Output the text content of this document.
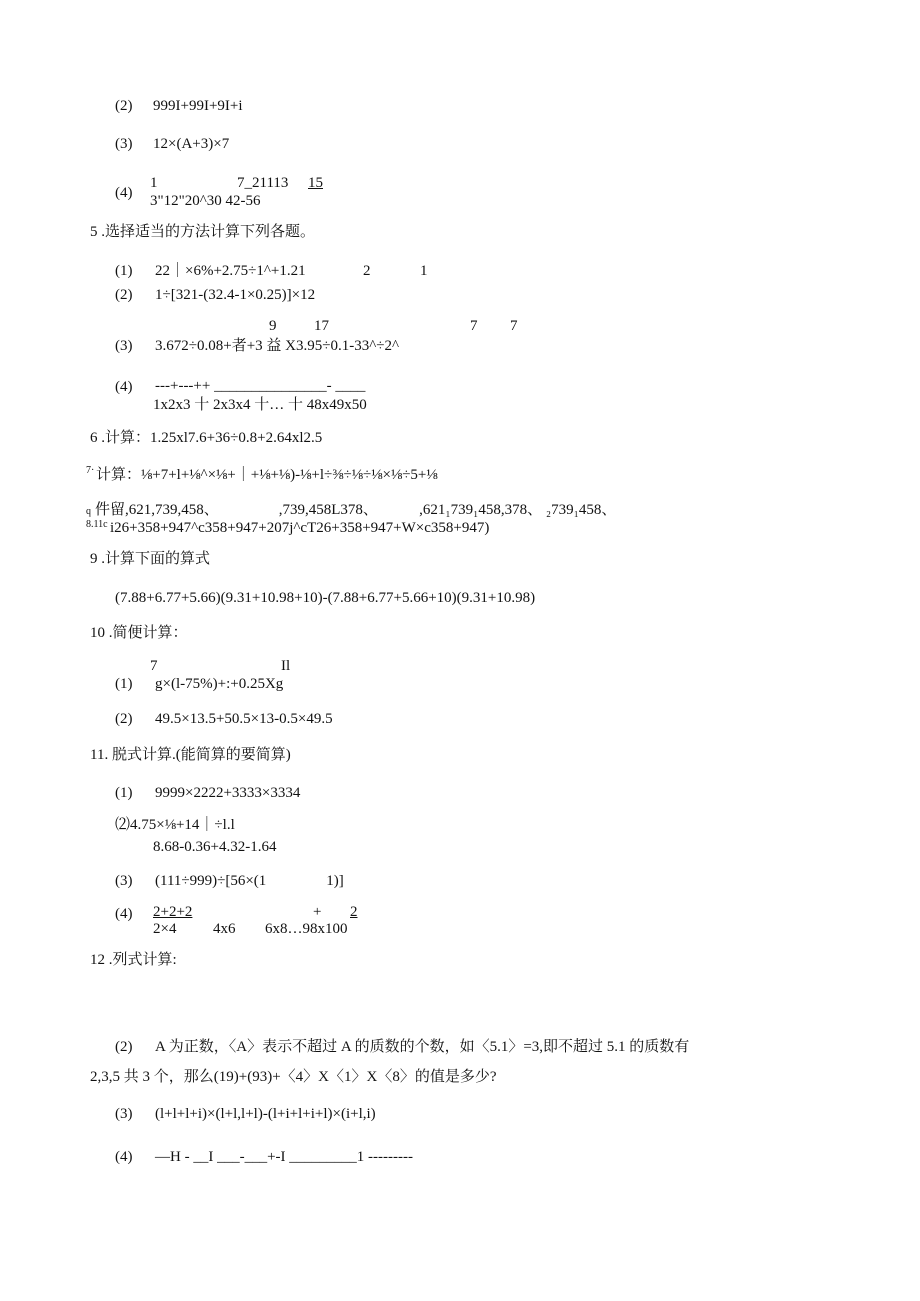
(2) 999I+99I+9I+i
(3) 12×(A+3)×7
(4)
1	7_21113 15
3"12"20^30 42-56
5 .选择适当的方法计算下列各题。
(1) 22｜×6%+2.75÷1^+1.21	2	1
(2) 1÷[321-(32.4-1×0.25)]×12
9	17	7 7
(3) 3.672÷0.08+者+3 益 X3.95÷0.1-33^÷2^
(4) ---+---++ _______________- ____
1x2x3 十 2x3x4 十… 十 48x49x50
6 .计算：1.25xl7.6+36÷0.8+2.64xl2.5
7· 计算：⅛+7+l+⅛^×⅛+｜+⅛+⅛)-⅛+l÷⅜÷⅛÷⅛×⅛÷5+⅛
q 件留,621,739,458、                ,739,458L378、           ,621₁739₁458,378、 ₂739₁458、
8.11c i26+358+947^c358+947+207j^cT26+358+947+W×c358+947)
9 .计算下面的算式
(7.88+6.77+5.66)(9.31+10.98+10)-(7.88+6.77+5.66+10)(9.31+10.98)
10 .简便计算：
7	Il
(1) g×(l-75%)+:+0.25Xg
(2) 49.5×13.5+50.5×13-0.5×49.5
11. 脱式计算.(能简算的要简算)
(1) 9999×2222+3333×3334
⑵4.75×⅛+14｜÷l.l
8.68-0.36+4.32-1.64
(3) (111÷999)÷[56×(1                1)]
(4) 2+2+2	+ 2
2×4 4x6 6x8…98x100
12 .列式计算:
(2) A 为正数，〈A〉表示不超过 A 的质数的个数，如〈5.1〉=3,即不超过 5.1 的质数有
2,3,5 共 3 个，那么(19)+(93)+〈4〉X〈1〉X〈8〉的值是多少?
(3) (l+l+l+i)×(l+l,l+l)-(l+i+l+i+l)×(i+l,i)
(4) —H - __I ___-___+-I _________1 ---------
